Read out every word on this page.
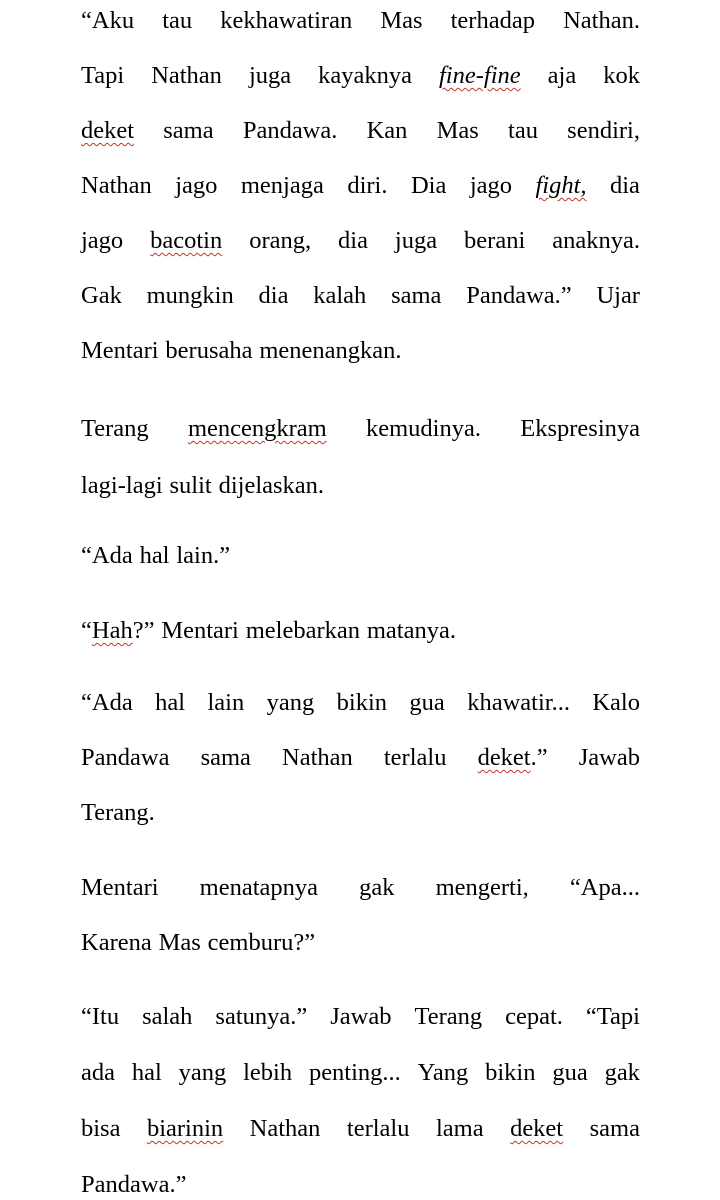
“Aku tau kekhawatiran Mas terhadap Nathan.
Tapi Nathan juga kayaknya fine-fine aja kok
deket sama Pandawa. Kan Mas tau sendiri,
Nathan jago menjaga diri. Dia jago fight, dia
jago bacotin orang, dia juga berani anaknya.
Gak mungkin dia kalah sama Pandawa.” Ujar
Mentari berusaha menenangkan.
Terang mencengkram kemudinya. Ekspresinya
lagi-lagi sulit dijelaskan.
“Ada hal lain.”
“Hah?” Mentari melebarkan matanya.
“Ada hal lain yang bikin gua khawatir... Kalo
Pandawa sama Nathan terlalu deket.” Jawab
Terang.
Mentari menatapnya gak mengerti, “Apa...
Karena Mas cemburu?”
“Itu salah satunya.” Jawab Terang cepat. “Tapi
ada hal yang lebih penting... Yang bikin gua gak
bisa biarinin Nathan terlalu lama deket sama
Pandawa.”
